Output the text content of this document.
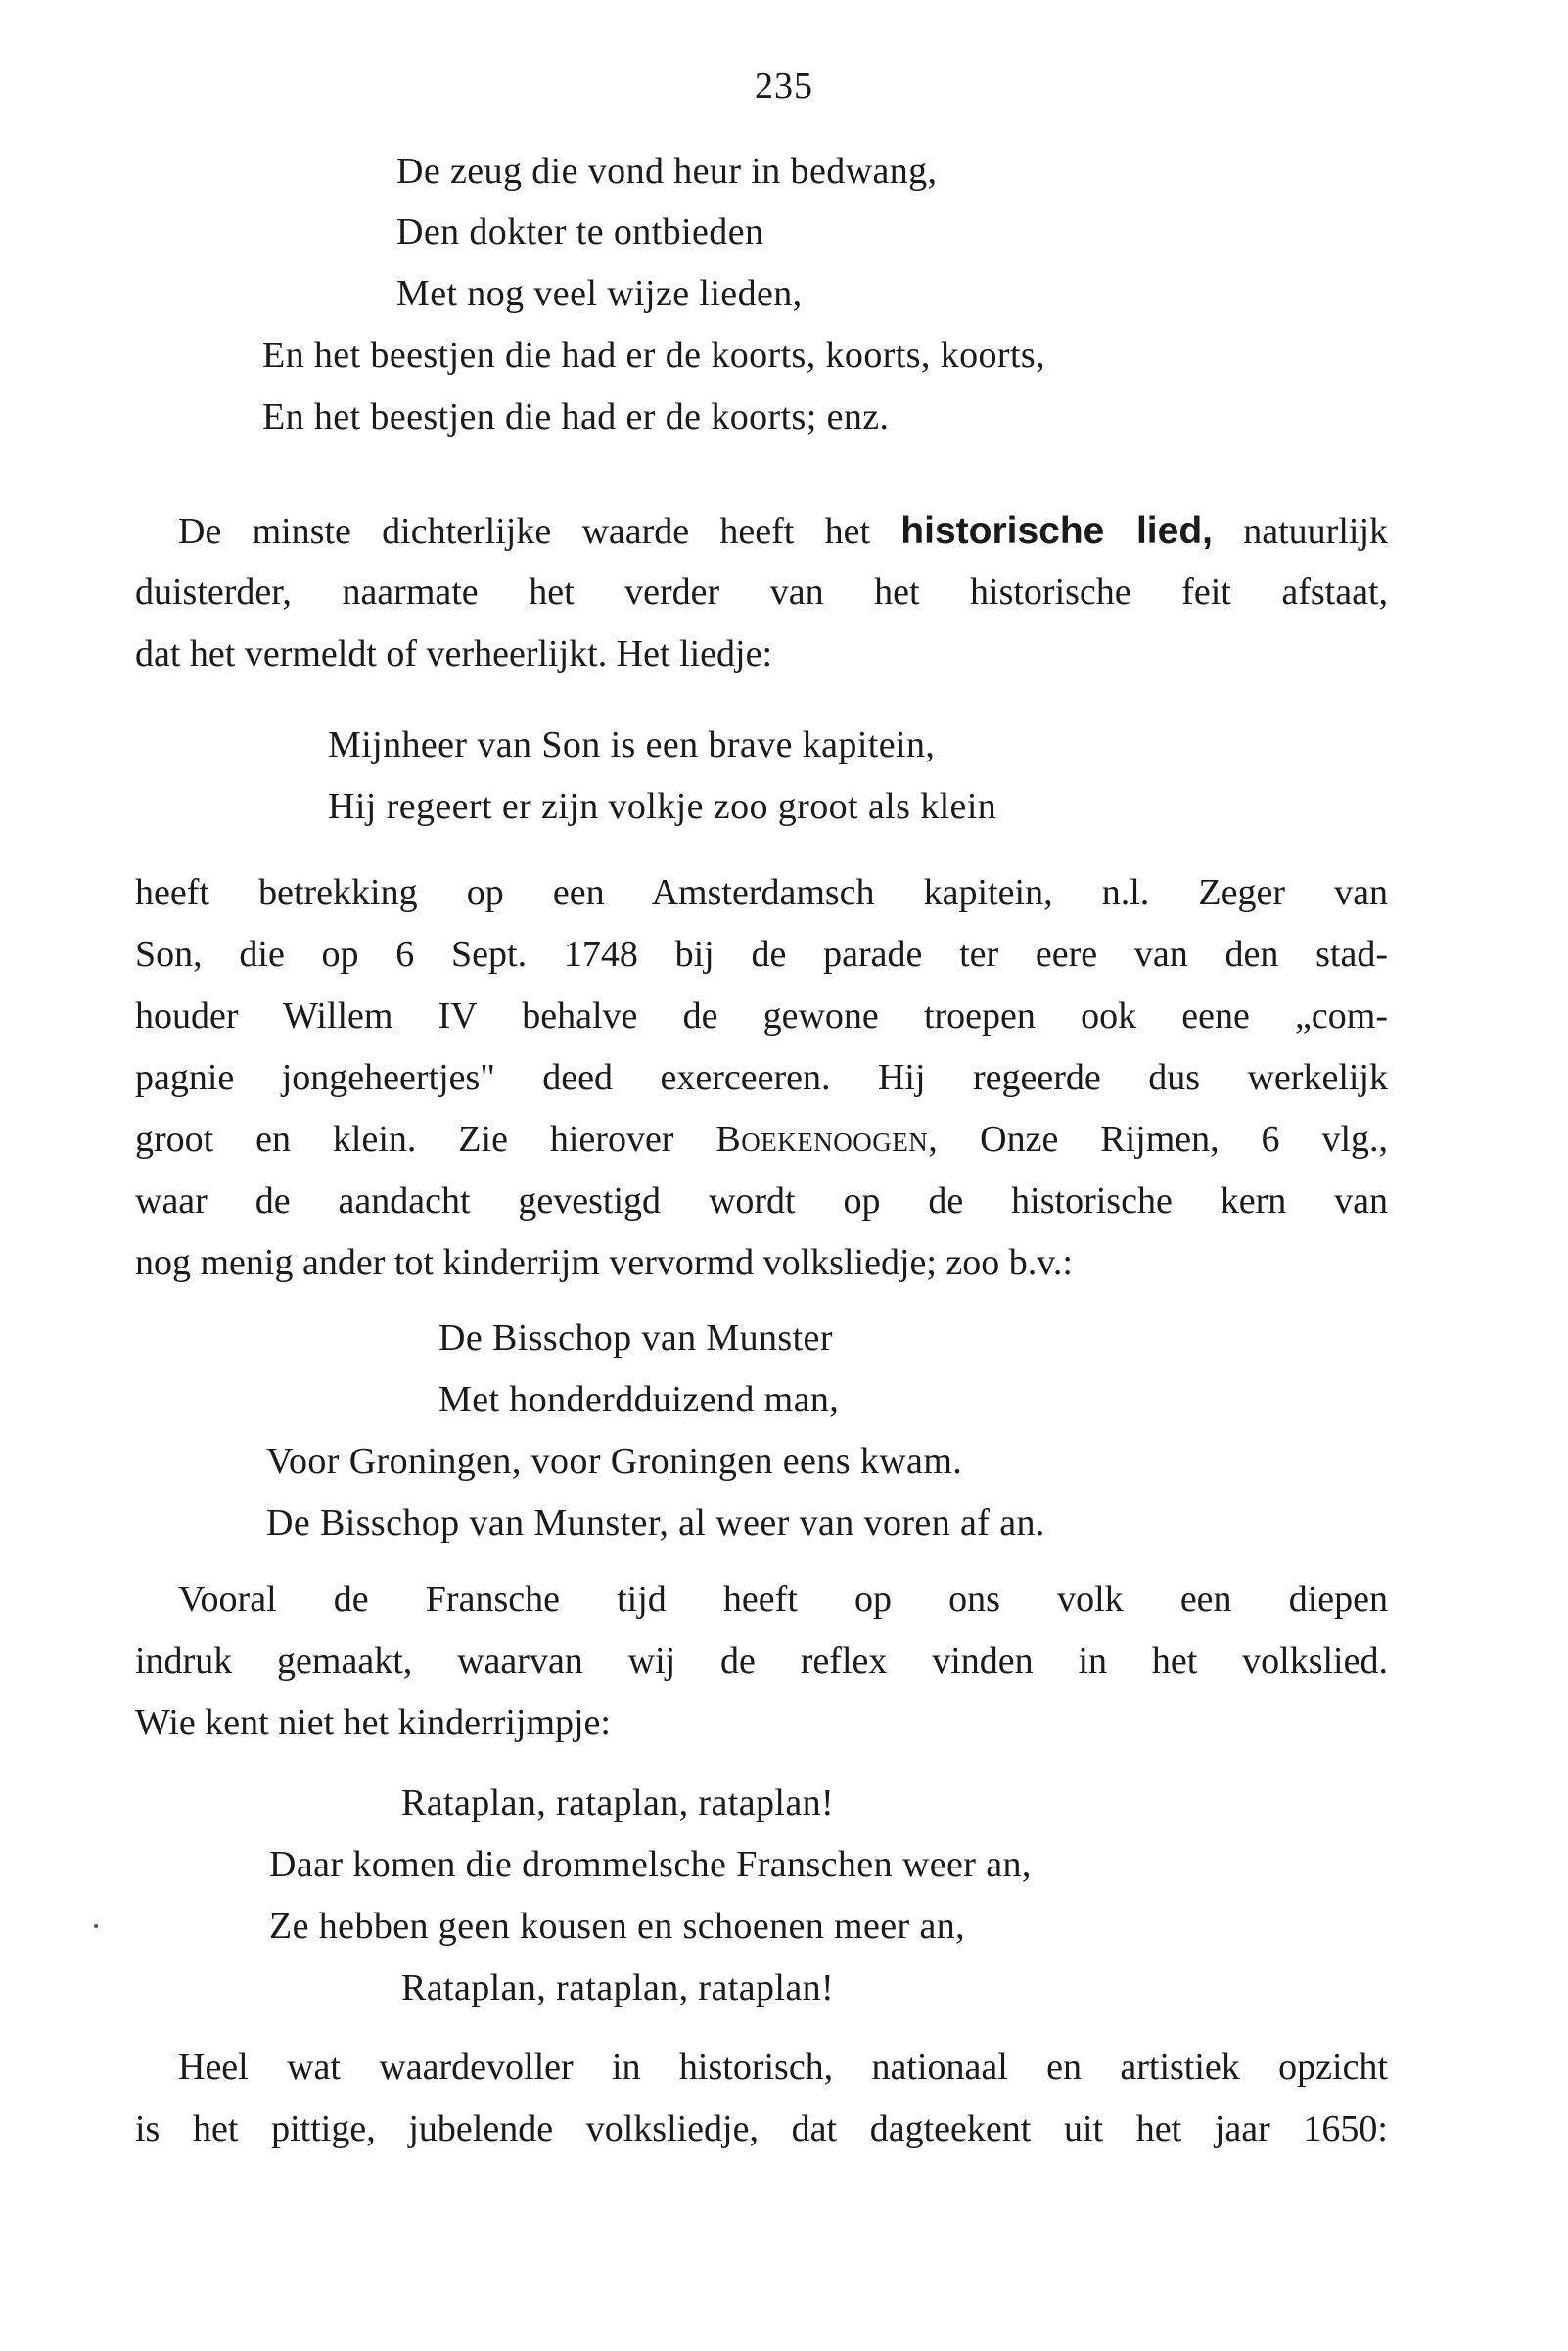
235
De zeug die vond heur in bedwang,
Den dokter te ontbieden
Met nog veel wijze lieden,
En het beestjen die had er de koorts, koorts, koorts,
En het beestjen die had er de koorts; enz.
De minste dichterlijke waarde heeft het historische lied, natuurlijk
duisterder, naarmate het verder van het historische feit afstaat,
dat het vermeldt of verheerlijkt. Het liedje:
Mijnheer van Son is een brave kapitein,
Hij regeert er zijn volkje zoo groot als klein
heeft betrekking op een Amsterdamsch kapitein, n.l. Zeger van
Son, die op 6 Sept. 1748 bij de parade ter eere van den stad-
houder Willem IV behalve de gewone troepen ook eene „com-
pagnie jongeheertjes" deed exerceeren. Hij regeerde dus werkelijk
groot en klein. Zie hierover Boekenoogen, Onze Rijmen, 6 vlg.,
waar de aandacht gevestigd wordt op de historische kern van
nog menig ander tot kinderrijm vervormd volksliedje; zoo b.v.:
De Bisschop van Munster
Met honderdduizend man,
Voor Groningen, voor Groningen eens kwam.
De Bisschop van Munster, al weer van voren af an.
Vooral de Fransche tijd heeft op ons volk een diepen
indruk gemaakt, waarvan wij de reflex vinden in het volkslied.
Wie kent niet het kinderrijmpje:
Rataplan, rataplan, rataplan!
Daar komen die drommelsche Franschen weer an,
Ze hebben geen kousen en schoenen meer an,
Rataplan, rataplan, rataplan!
Heel wat waardevoller in historisch, nationaal en artistiek opzicht
is het pittige, jubelende volksliedje, dat dagteekent uit het jaar 1650:
